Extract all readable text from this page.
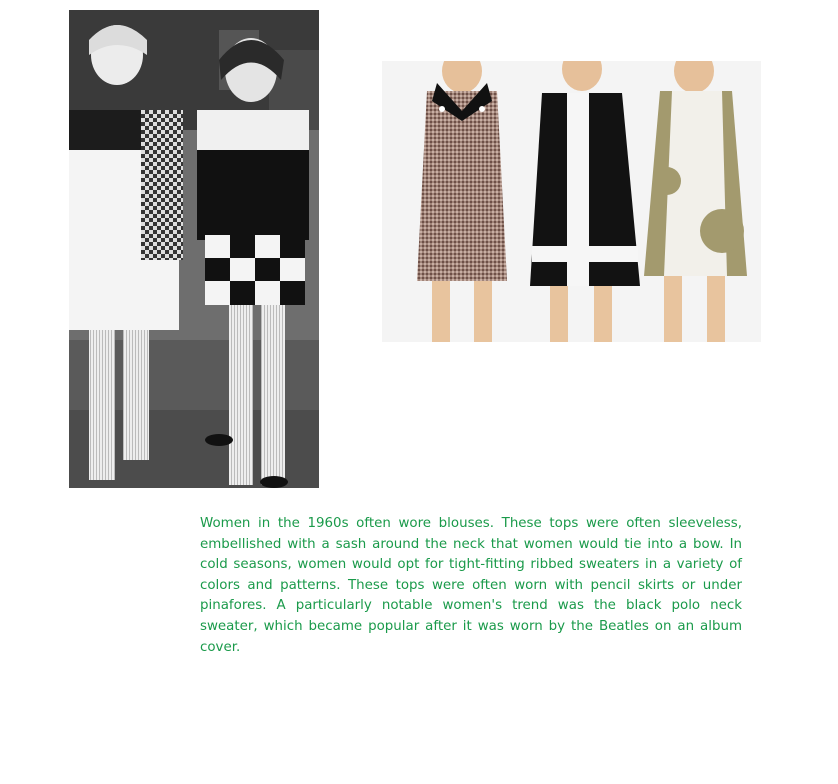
Women in the 1960s often wore blouses. These tops were often sleeveless, embellished with a sash around the neck that women would tie into a bow. In cold seasons, women would opt for tight-fitting ribbed sweaters in a variety of colors and patterns. These tops were often worn with pencil skirts or under pinafores. A particularly notable women's trend was the black polo neck sweater, which became popular after it was worn by the Beatles on an album cover.
